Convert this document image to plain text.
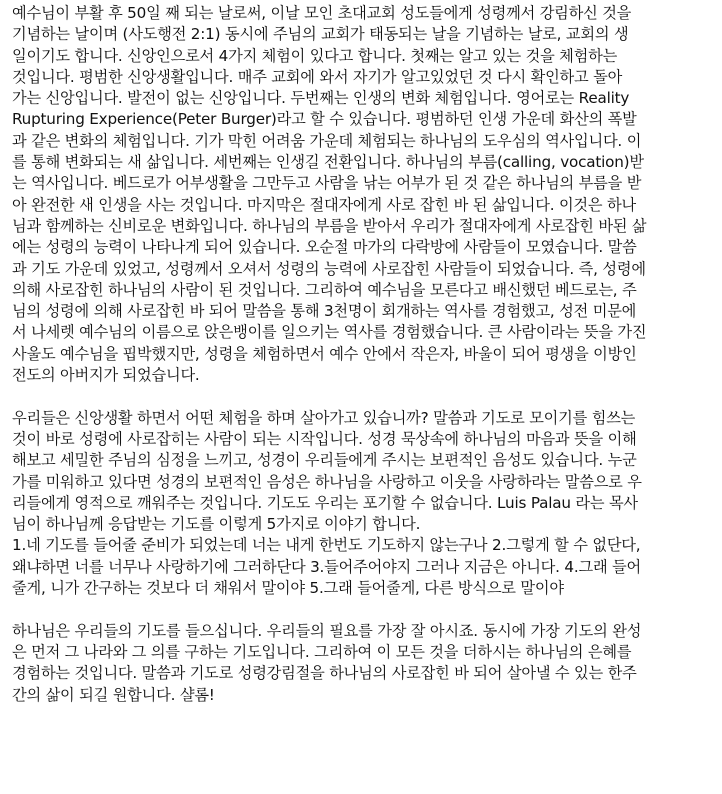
예수님이 부활 후 50일 째 되는 날로써, 이날 모인 초대교회 성도들에게 성령께서 강림하신 것을
기념하는 날이며 (사도행전 2:1) 동시에 주님의 교회가 태동되는 날을 기념하는 날로, 교회의 생
일이기도 합니다. 신앙인으로서 4가지 체험이 있다고 합니다. 첫째는 알고 있는 것을 체험하는
것입니다. 평범한 신앙생활입니다. 매주 교회에 와서 자기가 알고있었던 것 다시 확인하고 돌아
가는 신앙입니다. 발전이 없는 신앙입니다. 두번째는 인생의 변화 체험입니다. 영어로는 Reality
Rupturing Experience(Peter Burger)라고 할 수 있습니다. 평범하던 인생 가운데 화산의 폭발
과 같은 변화의 체험입니다. 기가 막힌 어려움 가운데 체험되는 하나님의 도우심의 역사입니다. 이
를 통해 변화되는 새 삶입니다. 세번째는 인생길 전환입니다. 하나님의 부름(calling, vocation)받
는 역사입니다. 베드로가 어부생활을 그만두고 사람을 낚는 어부가 된 것 같은 하나님의 부름을 받
아 완전한 새 인생을 사는 것입니다. 마지막은 절대자에게 사로 잡힌 바 된 삶입니다. 이것은 하나
님과 함께하는 신비로운 변화입니다. 하나님의 부름을 받아서 우리가 절대자에게 사로잡힌 바된 삶
에는 성령의 능력이 나타나게 되어 있습니다. 오순절 마가의 다락방에 사람들이 모였습니다. 말씀
과 기도 가운데 있었고, 성령께서 오셔서 성령의 능력에 사로잡힌 사람들이 되었습니다. 즉, 성령에
의해 사로잡힌 하나님의 사람이 된 것입니다. 그리하여 예수님을 모른다고 배신했던 베드로는, 주
님의 성령에 의해 사로잡힌 바 되어 말씀을 통해 3천명이 회개하는 역사를 경험했고, 성전 미문에
서 나세렛 예수님의 이름으로 앉은뱅이를 일으키는 역사를 경험했습니다. 큰 사람이라는 뜻을 가진
사울도 예수님을 핍박했지만, 성령을 체험하면서 예수 안에서 작은자, 바울이 되어 평생을 이방인
전도의 아버지가 되었습니다.

우리들은 신앙생활 하면서 어떤 체험을 하며 살아가고 있습니까? 말씀과 기도로 모이기를 힘쓰는
것이 바로 성령에 사로잡히는 사람이 되는 시작입니다. 성경 묵상속에 하나님의 마음과 뜻을 이해
해보고 세밀한 주님의 심정을 느끼고, 성경이 우리들에게 주시는 보편적인 음성도 있습니다. 누군
가를 미워하고 있다면 성경의 보편적인 음성은 하나님을 사랑하고 이웃을 사랑하라는 말씀으로 우
리들에게 영적으로 깨워주는 것입니다. 기도도 우리는 포기할 수 없습니다. Luis Palau 라는 목사
님이 하나님께 응답받는 기도를 이렇게 5가지로 이야기 합니다.
1.네 기도를 들어줄 준비가 되었는데 너는 내게 한번도 기도하지 않는구나 2.그렇게 할 수 없단다,
왜냐하면 너를 너무나 사랑하기에 그러하단다 3.들어주어야지 그러나 지금은 아니다. 4.그래 들어
줄게, 니가 간구하는 것보다 더 채워서 말이야 5.그래 들어줄게, 다른 방식으로 말이야

하나님은 우리들의 기도를 들으십니다. 우리들의 필요를 가장 잘 아시죠. 동시에 가장 기도의 완성
은 먼저 그 나라와 그 의를 구하는 기도입니다. 그리하여 이 모든 것을 더하시는 하나님의 은혜를
경험하는 것입니다. 말씀과 기도로 성령강림절을 하나님의 사로잡힌 바 되어 살아낼 수 있는 한주
간의 삶이 되길 원합니다. 샬롬!
